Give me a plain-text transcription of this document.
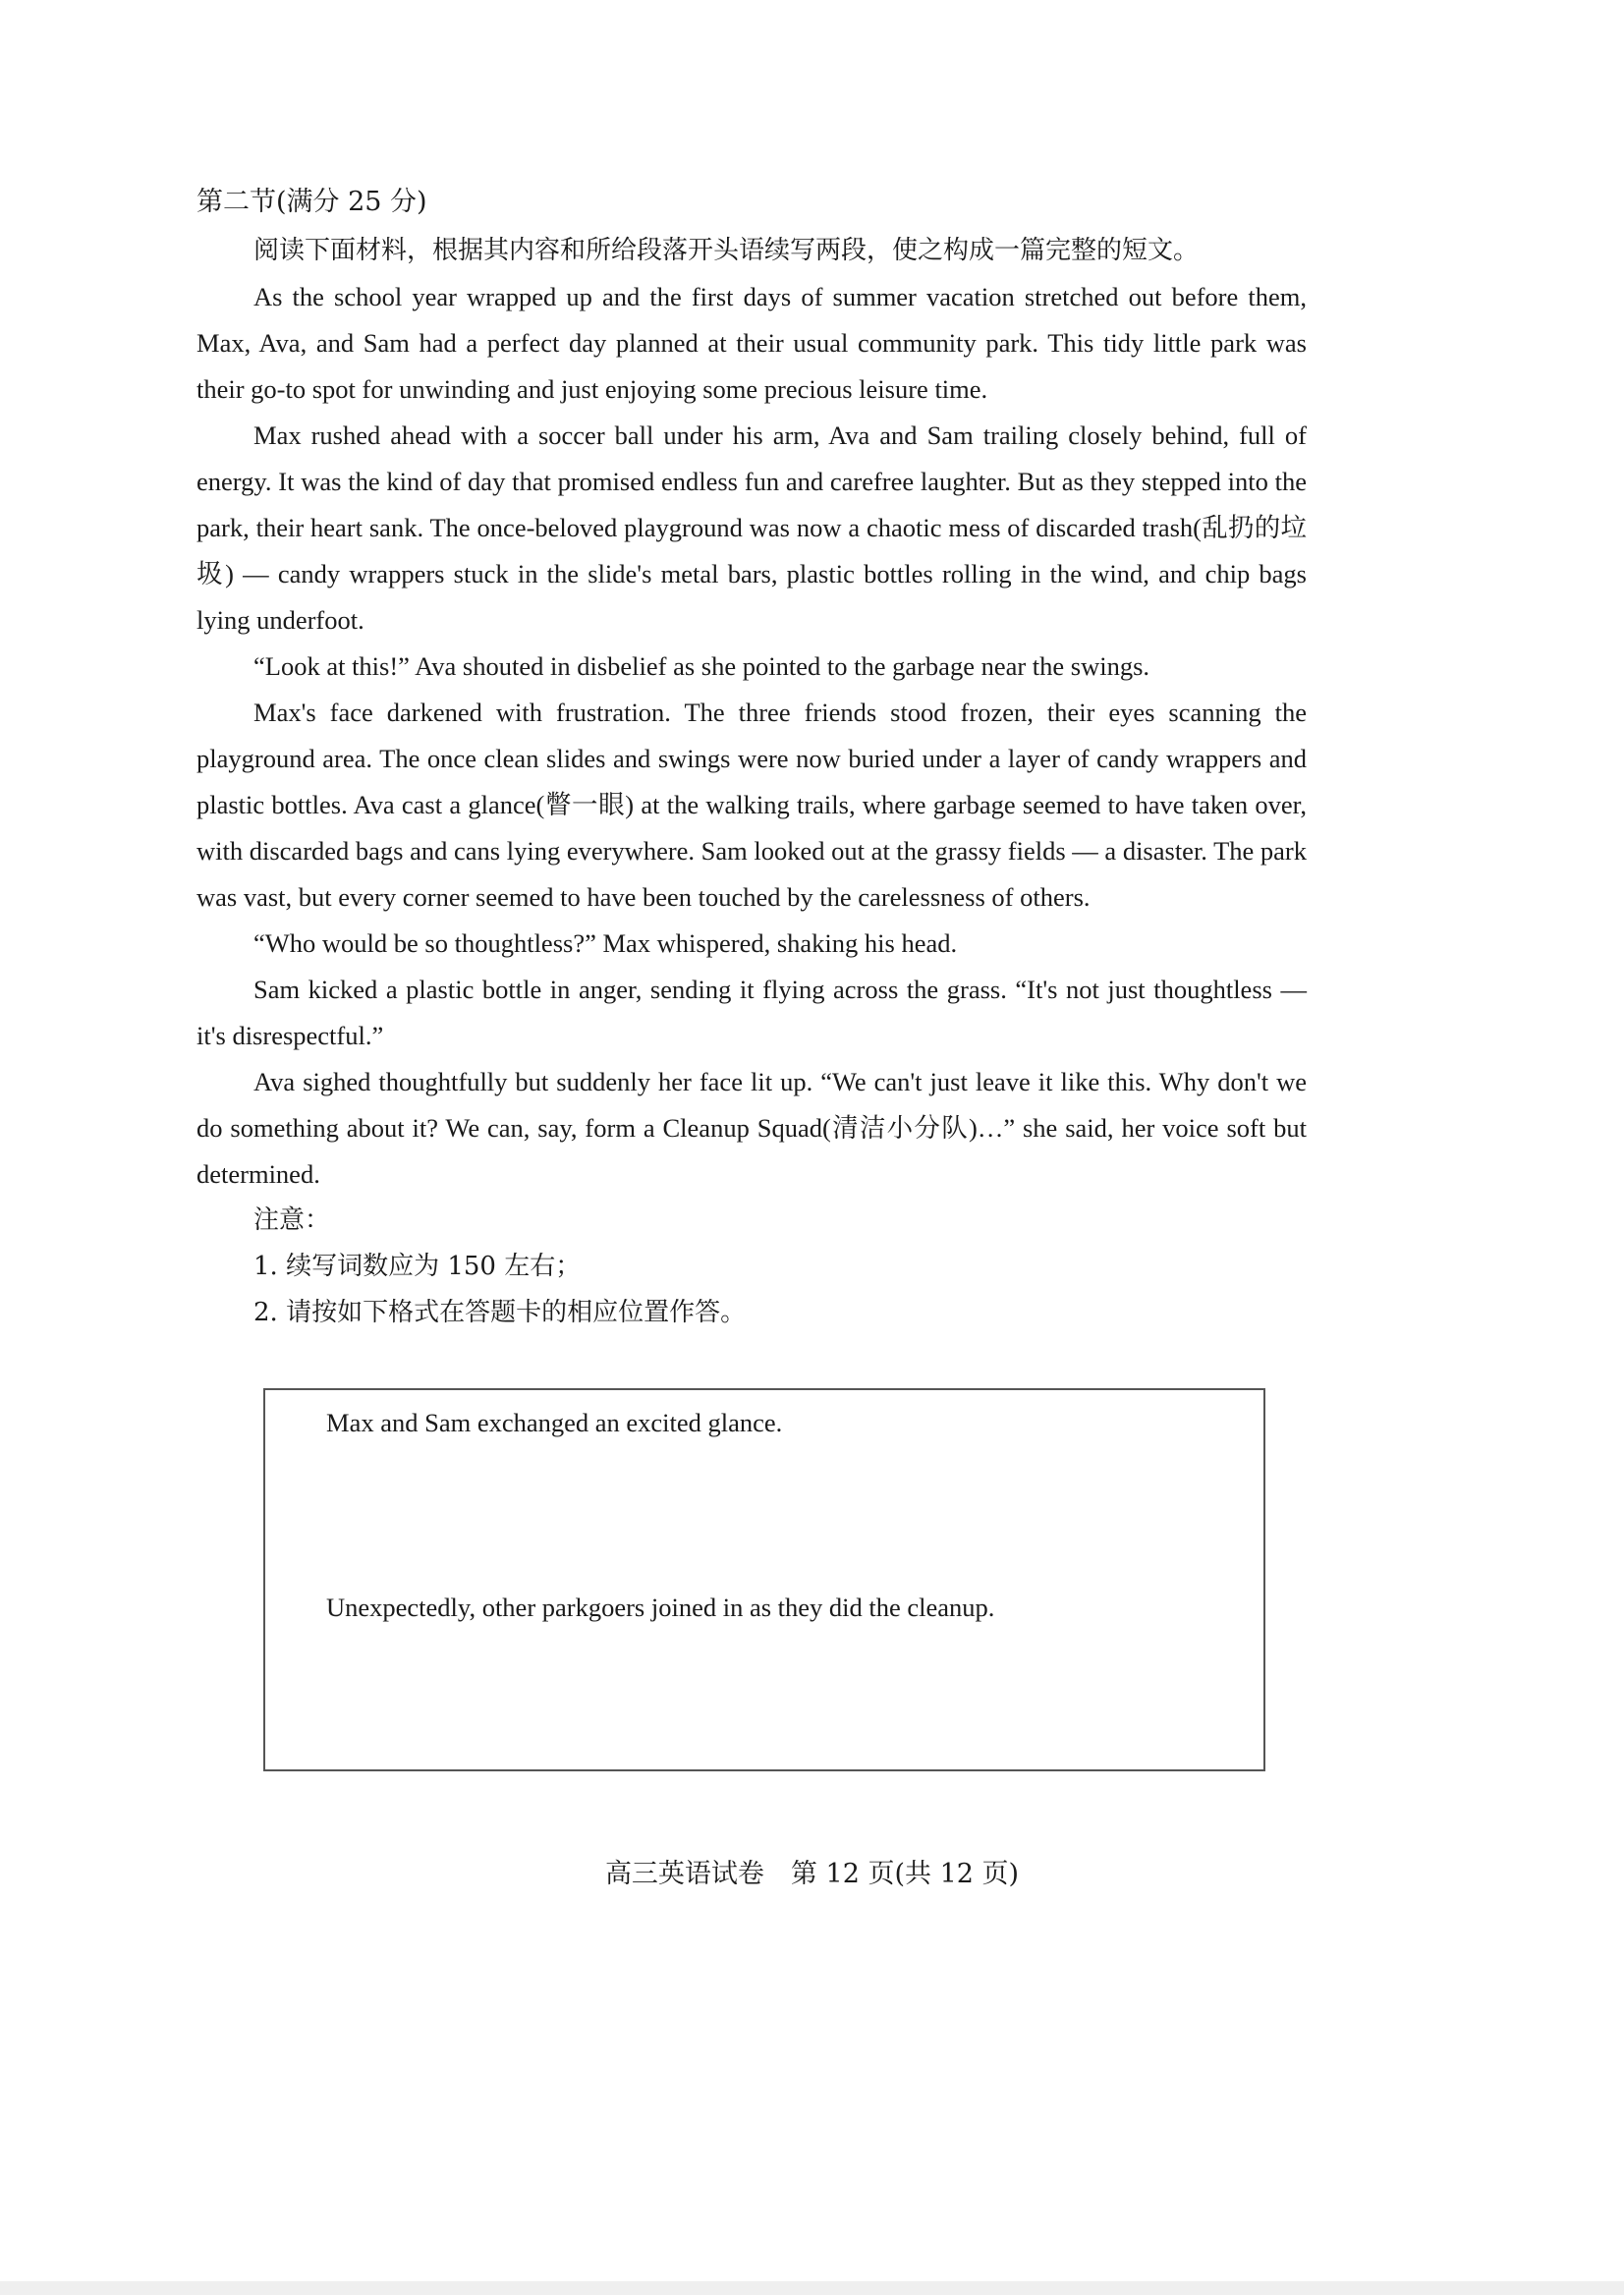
第二节(满分 25 分)

阅读下面材料，根据其内容和所给段落开头语续写两段，使之构成一篇完整的短文。

As the school year wrapped up and the first days of summer vacation stretched out before them, Max, Ava, and Sam had a perfect day planned at their usual community park. This tidy little park was their go-to spot for unwinding and just enjoying some precious leisure time.

Max rushed ahead with a soccer ball under his arm, Ava and Sam trailing closely behind, full of energy. It was the kind of day that promised endless fun and carefree laughter. But as they stepped into the park, their heart sank. The once-beloved playground was now a chaotic mess of discarded trash(乱扔的垃圾) — candy wrappers stuck in the slide's metal bars, plastic bottles rolling in the wind, and chip bags lying underfoot.

“Look at this!” Ava shouted in disbelief as she pointed to the garbage near the swings.

Max's face darkened with frustration. The three friends stood frozen, their eyes scanning the playground area. The once clean slides and swings were now buried under a layer of candy wrappers and plastic bottles. Ava cast a glance(瞥一眼) at the walking trails, where garbage seemed to have taken over, with discarded bags and cans lying everywhere. Sam looked out at the grassy fields — a disaster. The park was vast, but every corner seemed to have been touched by the carelessness of others.

“Who would be so thoughtless?” Max whispered, shaking his head.

Sam kicked a plastic bottle in anger, sending it flying across the grass. “It's not just thoughtless — it's disrespectful.”

Ava sighed thoughtfully but suddenly her face lit up. “We can't just leave it like this. Why don't we do something about it? We can, say, form a Cleanup Squad(清洁小分队)…” she said, her voice soft but determined.

注意：
1. 续写词数应为 150 左右；
2. 请按如下格式在答题卡的相应位置作答。

Max and Sam exchanged an excited glance.

Unexpectedly, other parkgoers joined in as they did the cleanup.

高三英语试卷　第 12 页(共 12 页)
